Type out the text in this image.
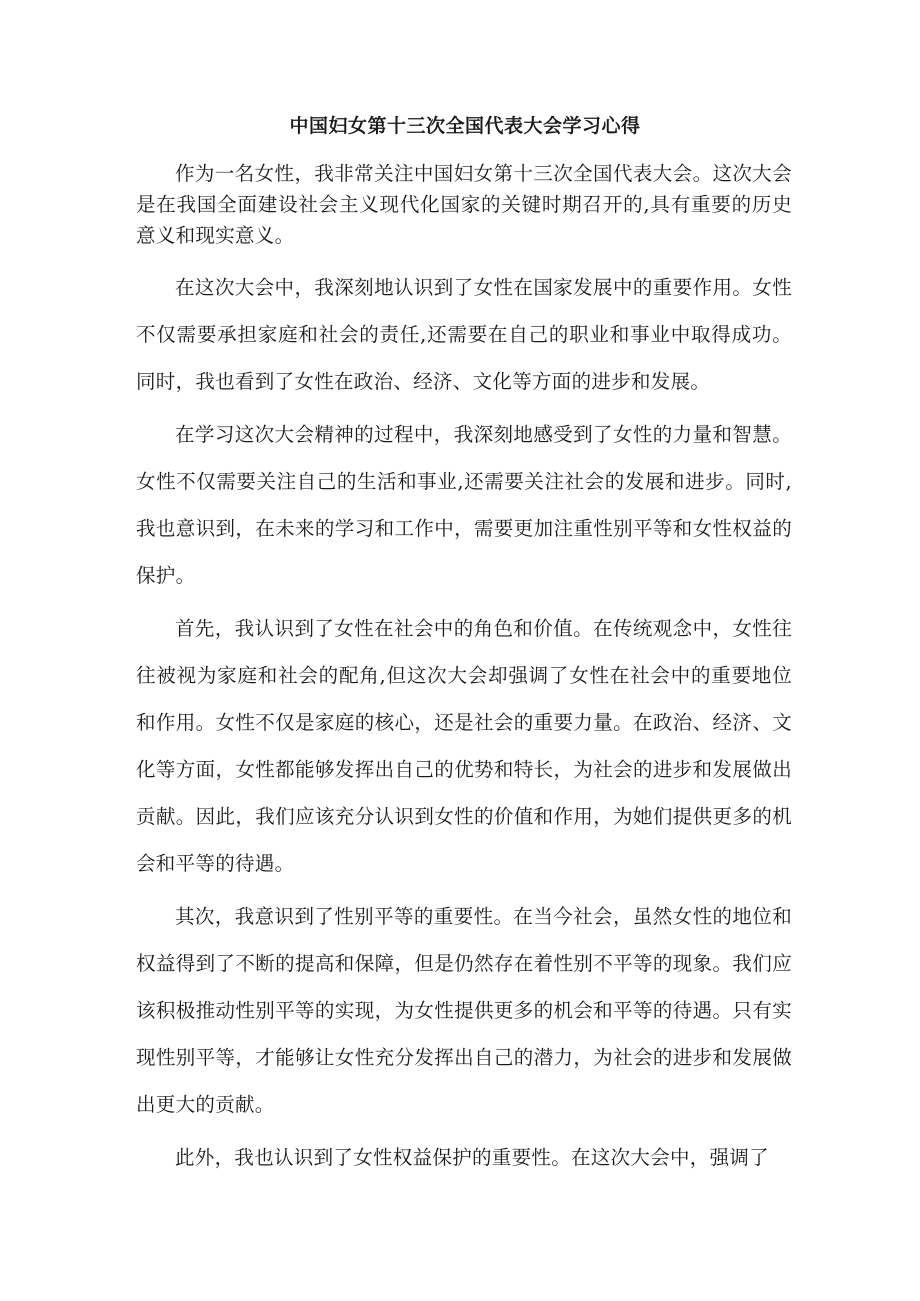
中国妇女第十三次全国代表大会学习心得

作为一名女性，我非常关注中国妇女第十三次全国代表大会。这次大会是在我国全面建设社会主义现代化国家的关键时期召开的,具有重要的历史意义和现实意义。

在这次大会中，我深刻地认识到了女性在国家发展中的重要作用。女性不仅需要承担家庭和社会的责任,还需要在自己的职业和事业中取得成功。同时，我也看到了女性在政治、经济、文化等方面的进步和发展。

在学习这次大会精神的过程中，我深刻地感受到了女性的力量和智慧。女性不仅需要关注自己的生活和事业,还需要关注社会的发展和进步。同时,我也意识到，在未来的学习和工作中，需要更加注重性别平等和女性权益的保护。

首先，我认识到了女性在社会中的角色和价值。在传统观念中，女性往往被视为家庭和社会的配角,但这次大会却强调了女性在社会中的重要地位和作用。女性不仅是家庭的核心，还是社会的重要力量。在政治、经济、文化等方面，女性都能够发挥出自己的优势和特长，为社会的进步和发展做出贡献。因此，我们应该充分认识到女性的价值和作用，为她们提供更多的机会和平等的待遇。

其次，我意识到了性别平等的重要性。在当今社会，虽然女性的地位和权益得到了不断的提高和保障，但是仍然存在着性别不平等的现象。我们应该积极推动性别平等的实现，为女性提供更多的机会和平等的待遇。只有实现性别平等，才能够让女性充分发挥出自己的潜力，为社会的进步和发展做出更大的贡献。

此外，我也认识到了女性权益保护的重要性。在这次大会中，强调了
